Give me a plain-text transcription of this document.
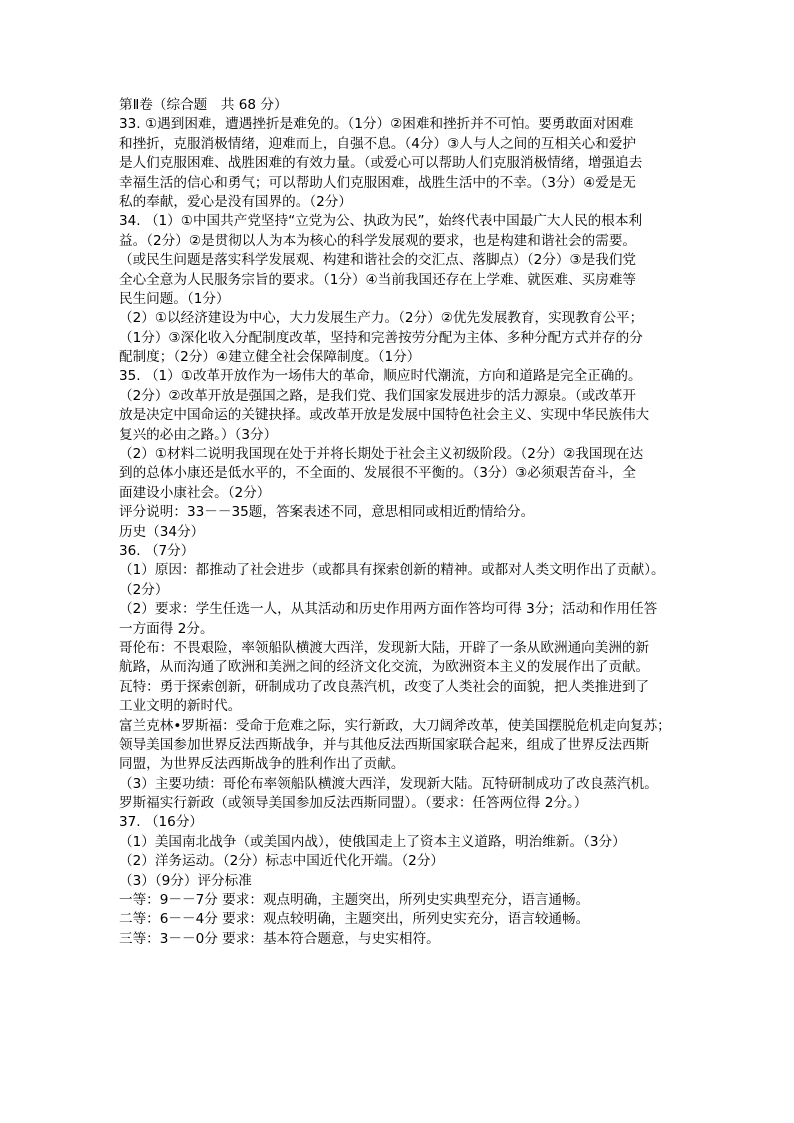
第Ⅱ卷（综合题　共 68 分）
33. ①遇到困难，遭遇挫折是难免的。（1分）②困难和挫折并不可怕。要勇敢面对困难
和挫折，克服消极情绪，迎难而上，自强不息。（4分）③人与人之间的互相关心和爱护
是人们克服困难、战胜困难的有效力量。（或爱心可以帮助人们克服消极情绪，增强追去
幸福生活的信心和勇气；可以帮助人们克服困难，战胜生活中的不幸。（3分）④爱是无
私的奉献，爱心是没有国界的。（2分）
34. （1）①中国共产党坚持“立党为公、执政为民”，始终代表中国最广大人民的根本利
益。（2分）②是贯彻以人为本为核心的科学发展观的要求，也是构建和谐社会的需要。
（或民生问题是落实科学发展观、构建和谐社会的交汇点、落脚点）（2分）③是我们党
全心全意为人民服务宗旨的要求。（1分）④当前我国还存在上学难、就医难、买房难等
民生问题。（1分）
（2）①以经济建设为中心，大力发展生产力。（2分）②优先发展教育，实现教育公平；
（1分）③深化收入分配制度改革，坚持和完善按劳分配为主体、多种分配方式并存的分
配制度；（2分）④建立健全社会保障制度。（1分）
35. （1）①改革开放作为一场伟大的革命，顺应时代潮流，方向和道路是完全正确的。
（2分）②改革开放是强国之路，是我们党、我们国家发展进步的活力源泉。（或改革开
放是决定中国命运的关键抉择。或改革开放是发展中国特色社会主义、实现中华民族伟大
复兴的必由之路。）（3分）
（2）①材料二说明我国现在处于并将长期处于社会主义初级阶段。（2分）②我国现在达
到的总体小康还是低水平的，不全面的、发展很不平衡的。（3分）③必须艰苦奋斗，全
面建设小康社会。（2分）
评分说明：33－－35题，答案表述不同，意思相同或相近酌情给分。
历史（34分）
36. （7分）
（1）原因：都推动了社会进步（或都具有探索创新的精神。或都对人类文明作出了贡献）。
（2分）
（2）要求：学生任选一人，从其活动和历史作用两方面作答均可得 3分；活动和作用任答
一方面得 2分。
哥伦布：不畏艰险，率领船队横渡大西洋，发现新大陆，开辟了一条从欧洲通向美洲的新
航路，从而沟通了欧洲和美洲之间的经济文化交流，为欧洲资本主义的发展作出了贡献。
瓦特：勇于探索创新，研制成功了改良蒸汽机，改变了人类社会的面貌，把人类推进到了
工业文明的新时代。
富兰克林•罗斯福：受命于危难之际，实行新政，大刀阔斧改革，使美国摆脱危机走向复苏；
领导美国参加世界反法西斯战争，并与其他反法西斯国家联合起来，组成了世界反法西斯
同盟，为世界反法西斯战争的胜利作出了贡献。
（3）主要功绩：哥伦布率领船队横渡大西洋，发现新大陆。瓦特研制成功了改良蒸汽机。
罗斯福实行新政（或领导美国参加反法西斯同盟）。（要求：任答两位得 2分。）
37. （16分）
（1）美国南北战争（或美国内战），使俄国走上了资本主义道路，明治维新。（3分）
（2）洋务运动。（2分）标志中国近代化开端。（2分）
（3）（9分）评分标准
一等：9－－7分 要求：观点明确，主题突出，所列史实典型充分，语言通畅。
二等：6－－4分 要求：观点较明确，主题突出，所列史实充分，语言较通畅。
三等：3－－0分 要求：基本符合题意，与史实相符。
